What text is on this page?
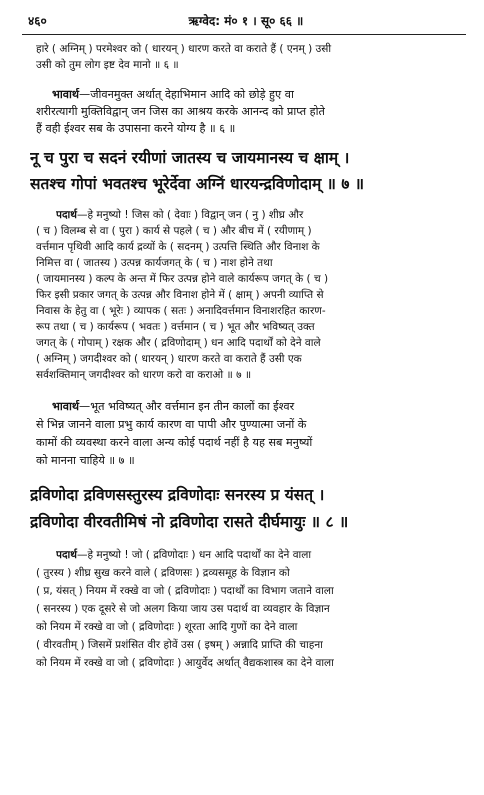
४६०	ऋग्वेद: मं० १ । सू० ६६ ॥
हारे ( अग्निम् ) परमेश्वर को ( धारयन् ) धारण करते वा कराते हैं ( एनम् ) उसी
उसी को तुम लोग इष्ट देव मानो ॥ ६ ॥
भावार्थ—जीवनमुक्त अर्थात् देहाभिमान आदि को छोड़े हुए वा
शरीरत्यागी मुक्तिविद्वान् जन जिस का आश्रय करके आनन्द को प्राप्त होते
हैं वही ईश्वर सब के उपासना करने योग्य है ॥ ६ ॥
नू च पुरा च सदनं रयीणां जातस्य च जायमानस्य च क्षाम् ।
सतश्च गोपां भवतश्च भूरेर्देवा अग्निं धारयन्द्रविणोदाम् ॥ ७ ॥
पदार्थ—हे मनुष्यो ! जिस को ( देवाः ) विद्वान् जन ( नु ) शीघ्र और
( च ) विलम्ब से वा ( पुरा ) कार्य से पहले ( च ) और बीच में ( रयीणाम् )
वर्त्तमान पृथिवी आदि कार्य द्रव्यों के ( सदनम् ) उत्पत्ति स्थिति और विनाश के
निमित्त वा ( जातस्य ) उत्पन्न कार्यजगत् के ( च ) नाश होने तथा
( जायमानस्य ) कल्प के अन्त में फिर उत्पन्न होने वाले कार्यरूप जगत् के ( च )
फिर इसी प्रकार जगत् के उत्पन्न और विनाश होने में ( क्षाम् ) अपनी व्याप्ति से
निवास के हेतु वा ( भूरेः ) व्यापक ( सतः ) अनादिवर्त्तमान विनाशरहित कारण-
रूप तथा ( च ) कार्यरूप ( भवतः ) वर्त्तमान ( च ) भूत और भविष्यत् उक्त
जगत् के ( गोपाम् ) रक्षक और ( द्रविणोदाम् ) धन आदि पदार्थों को देने वाले
( अग्निम् ) जगदीश्वर को ( धारयन् ) धारण करते वा कराते हैं उसी एक
सर्वशक्तिमान् जगदीश्वर को धारण करो वा कराओ ॥ ७ ॥
भावार्थ—भूत भविष्यत् और वर्त्तमान इन तीन कालों का ईश्वर
से भिन्न जानने वाला प्रभु कार्य कारण वा पापी और पुण्यात्मा जनों के
कामों की व्यवस्था करने वाला अन्य कोई पदार्थ नहीं है यह सब मनुष्यों
को मानना चाहिये ॥ ७ ॥
द्रविणोदा द्रविणसस्तुरस्य द्रविणोदाः सनरस्य प्र यंसत् ।
द्रविणोदा वीरवतीमिषं नो द्रविणोदा रासते दीर्घमायुः ॥ ८ ॥
पदार्थ—हे मनुष्यो ! जो ( द्रविणोदाः ) धन आदि पदार्थों का देने वाला
( तुरस्य ) शीघ्र सुख करने वाले ( द्रविणसः ) द्रव्यसमूह के विज्ञान को
( प्र, यंसत् ) नियम में रक्खे वा जो ( द्रविणोदाः ) पदार्थों का विभाग जताने वाला
( सनरस्य ) एक दूसरे से जो अलग किया जाय उस पदार्थ वा व्यवहार के विज्ञान
को नियम में रक्खे वा जो ( द्रविणोदाः ) शूरता आदि गुणों का देने वाला
( वीरवतीम् ) जिसमें प्रशंसित वीर होवें उस ( इषम् ) अन्नादि प्राप्ति की चाहना
को नियम में रक्खे वा जो ( द्रविणोदाः ) आयुर्वेद अर्थात् वैद्यकशास्त्र का देने वाला
